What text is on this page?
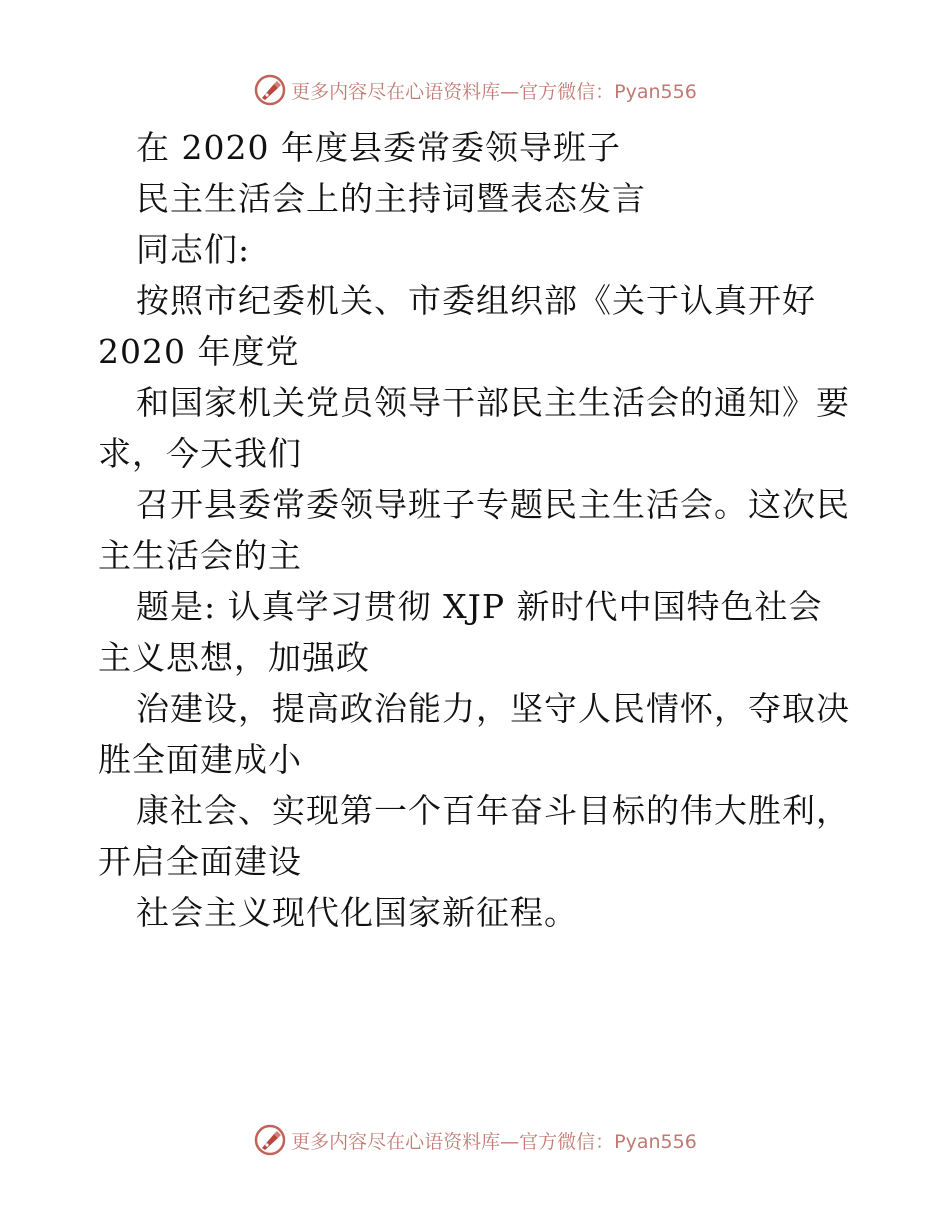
更多内容尽在心语资料库—官方微信：Pyan556
在 2020 年度县委常委领导班子
民主生活会上的主持词暨表态发言
同志们:
按照市纪委机关、市委组织部《关于认真开好
2020 年度党
和国家机关党员领导干部民主生活会的通知》要
求，今天我们
召开县委常委领导班子专题民主生活会。这次民
主生活会的主
题是: 认真学习贯彻 XJP 新时代中国特色社会
主义思想，加强政
治建设，提高政治能力，坚守人民情怀，夺取决
胜全面建成小
康社会、实现第一个百年奋斗目标的伟大胜利，
开启全面建设
社会主义现代化国家新征程。
更多内容尽在心语资料库—官方微信：Pyan556
